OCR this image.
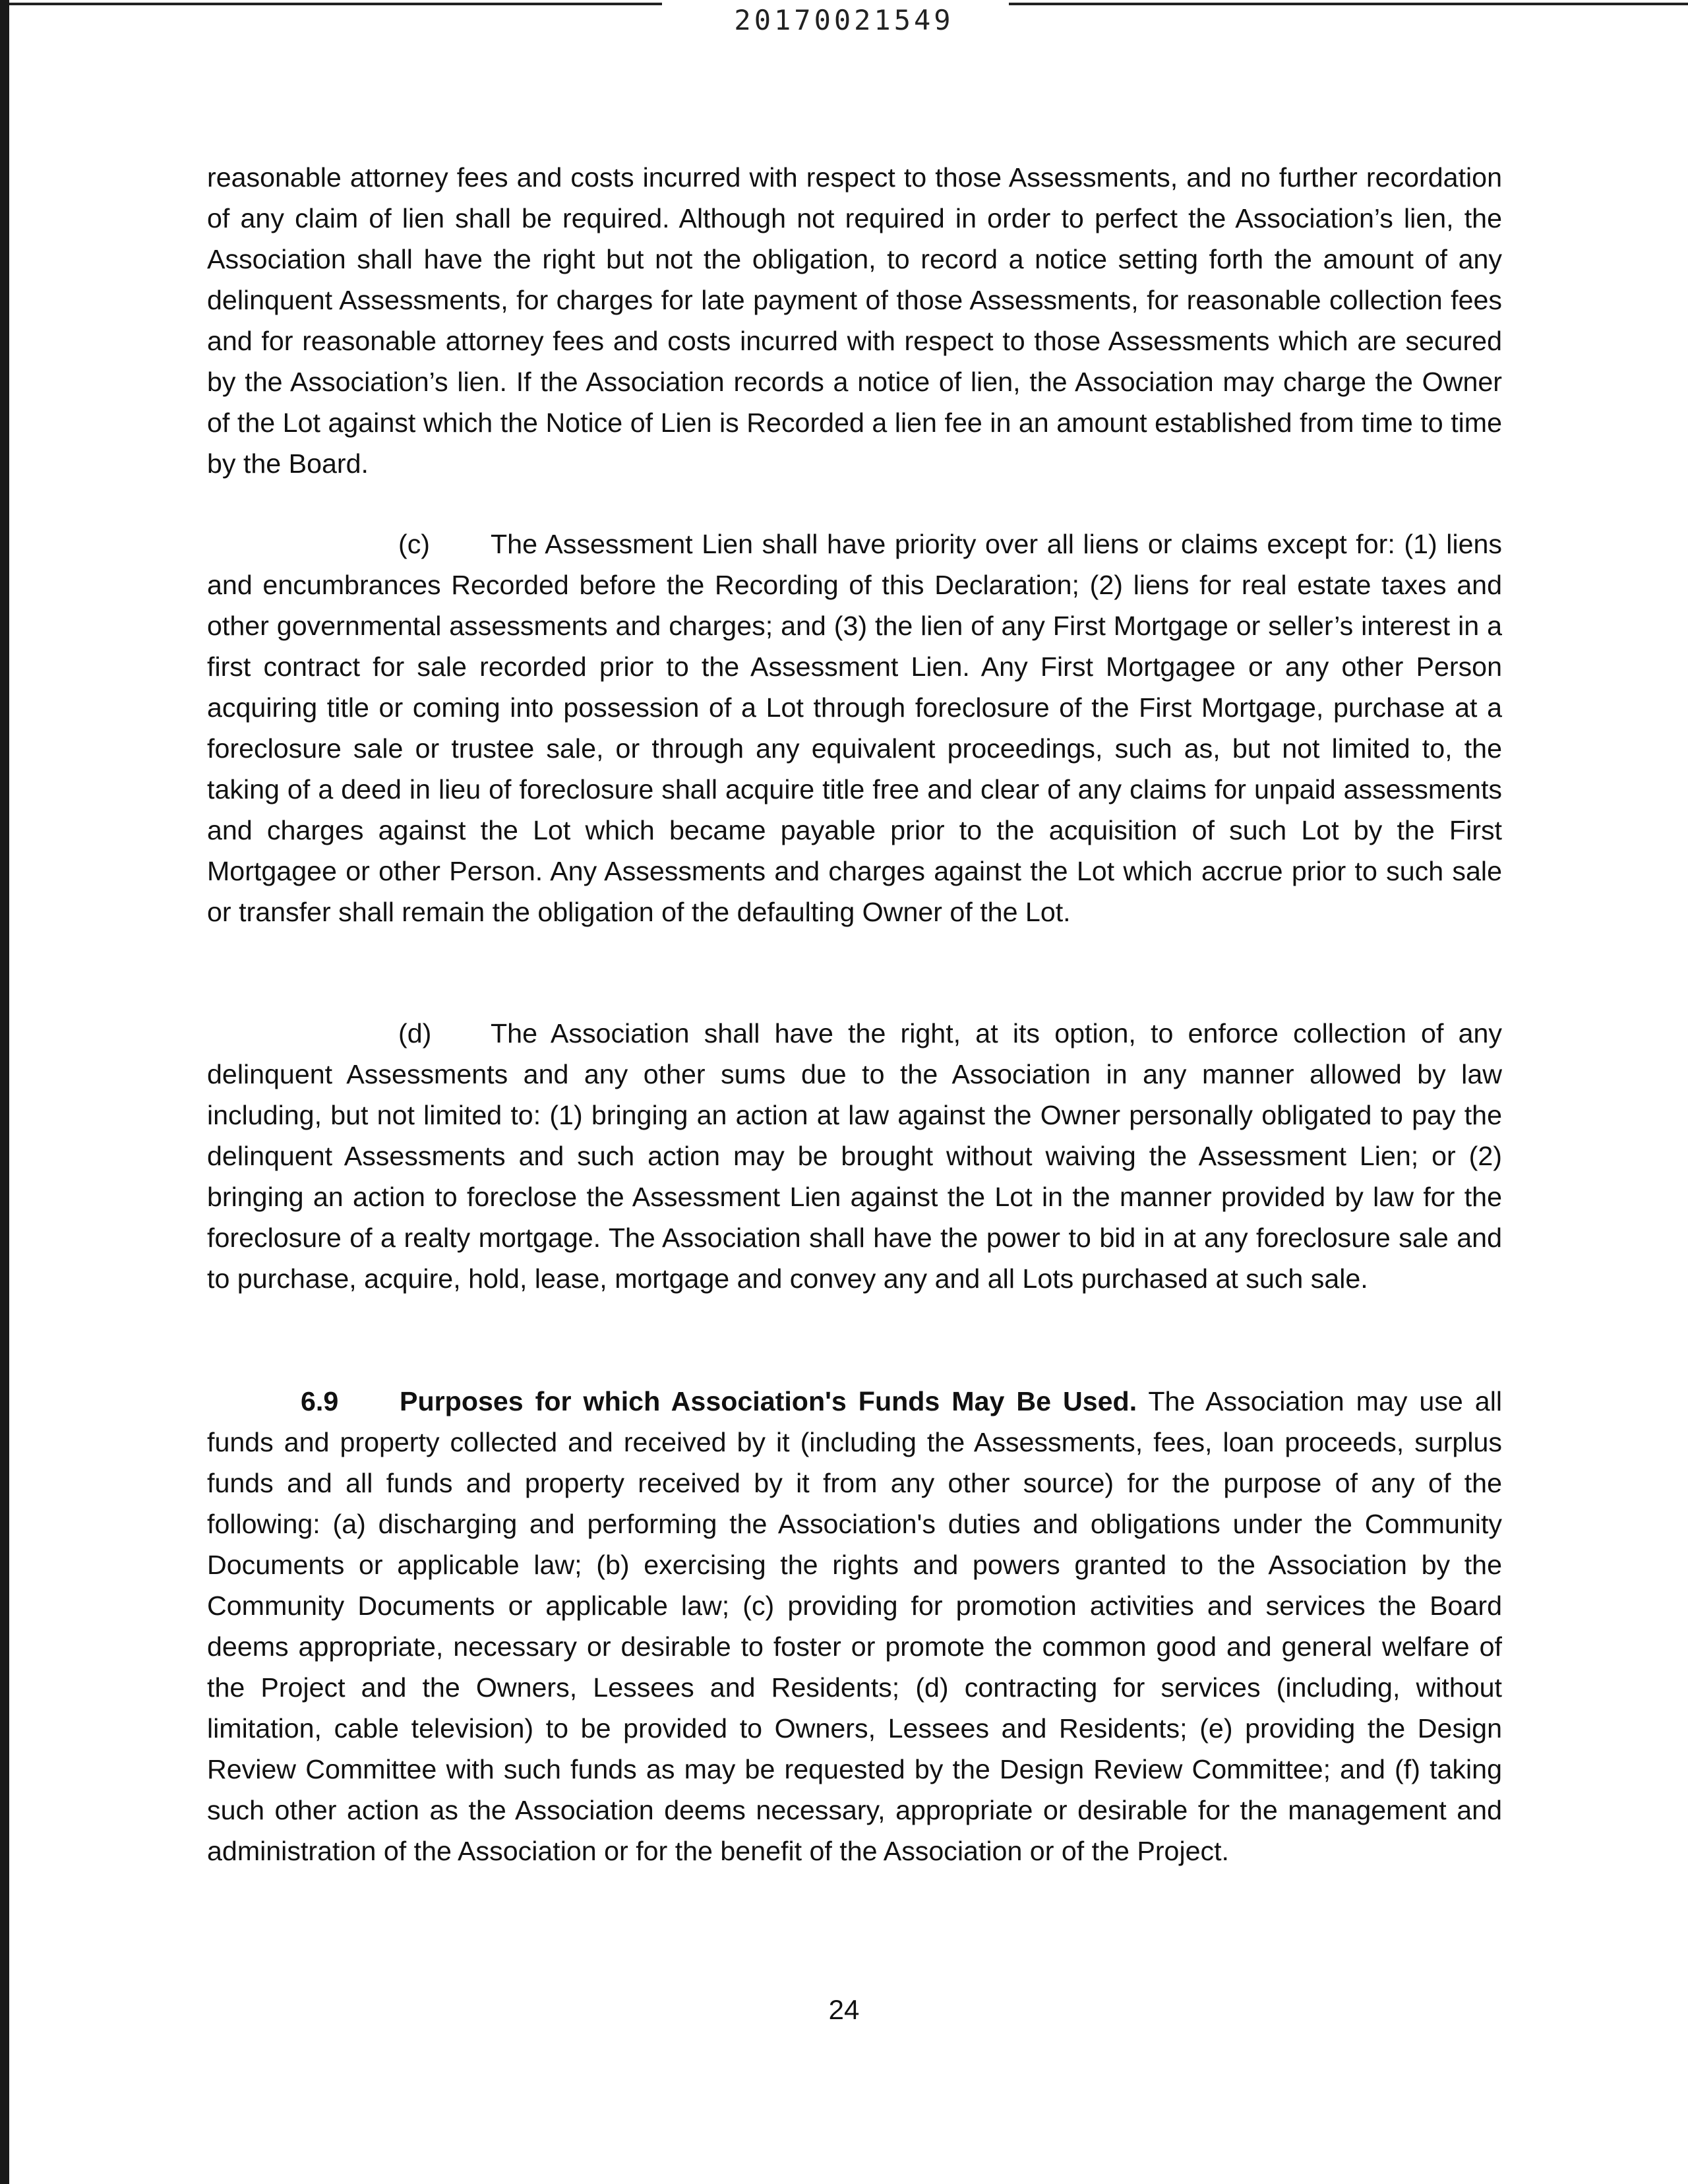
20170021549

reasonable attorney fees and costs incurred with respect to those Assessments, and no further recordation of any claim of lien shall be required. Although not required in order to perfect the Association’s lien, the Association shall have the right but not the obligation, to record a notice setting forth the amount of any delinquent Assessments, for charges for late payment of those Assessments, for reasonable collection fees and for reasonable attorney fees and costs incurred with respect to those Assessments which are secured by the Association’s lien. If the Association records a notice of lien, the Association may charge the Owner of the Lot against which the Notice of Lien is Recorded a lien fee in an amount established from time to time by the Board.

(c) The Assessment Lien shall have priority over all liens or claims except for: (1) liens and encumbrances Recorded before the Recording of this Declaration; (2) liens for real estate taxes and other governmental assessments and charges; and (3) the lien of any First Mortgage or seller’s interest in a first contract for sale recorded prior to the Assessment Lien. Any First Mortgagee or any other Person acquiring title or coming into possession of a Lot through foreclosure of the First Mortgage, purchase at a foreclosure sale or trustee sale, or through any equivalent proceedings, such as, but not limited to, the taking of a deed in lieu of foreclosure shall acquire title free and clear of any claims for unpaid assessments and charges against the Lot which became payable prior to the acquisition of such Lot by the First Mortgagee or other Person. Any Assessments and charges against the Lot which accrue prior to such sale or transfer shall remain the obligation of the defaulting Owner of the Lot.

(d) The Association shall have the right, at its option, to enforce collection of any delinquent Assessments and any other sums due to the Association in any manner allowed by law including, but not limited to: (1) bringing an action at law against the Owner personally obligated to pay the delinquent Assessments and such action may be brought without waiving the Assessment Lien; or (2) bringing an action to foreclose the Assessment Lien against the Lot in the manner provided by law for the foreclosure of a realty mortgage. The Association shall have the power to bid in at any foreclosure sale and to purchase, acquire, hold, lease, mortgage and convey any and all Lots purchased at such sale.

6.9 Purposes for which Association's Funds May Be Used. The Association may use all funds and property collected and received by it (including the Assessments, fees, loan proceeds, surplus funds and all funds and property received by it from any other source) for the purpose of any of the following: (a) discharging and performing the Association's duties and obligations under the Community Documents or applicable law; (b) exercising the rights and powers granted to the Association by the Community Documents or applicable law; (c) providing for promotion activities and services the Board deems appropriate, necessary or desirable to foster or promote the common good and general welfare of the Project and the Owners, Lessees and Residents; (d) contracting for services (including, without limitation, cable television) to be provided to Owners, Lessees and Residents; (e) providing the Design Review Committee with such funds as may be requested by the Design Review Committee; and (f) taking such other action as the Association deems necessary, appropriate or desirable for the management and administration of the Association or for the benefit of the Association or of the Project.

24
